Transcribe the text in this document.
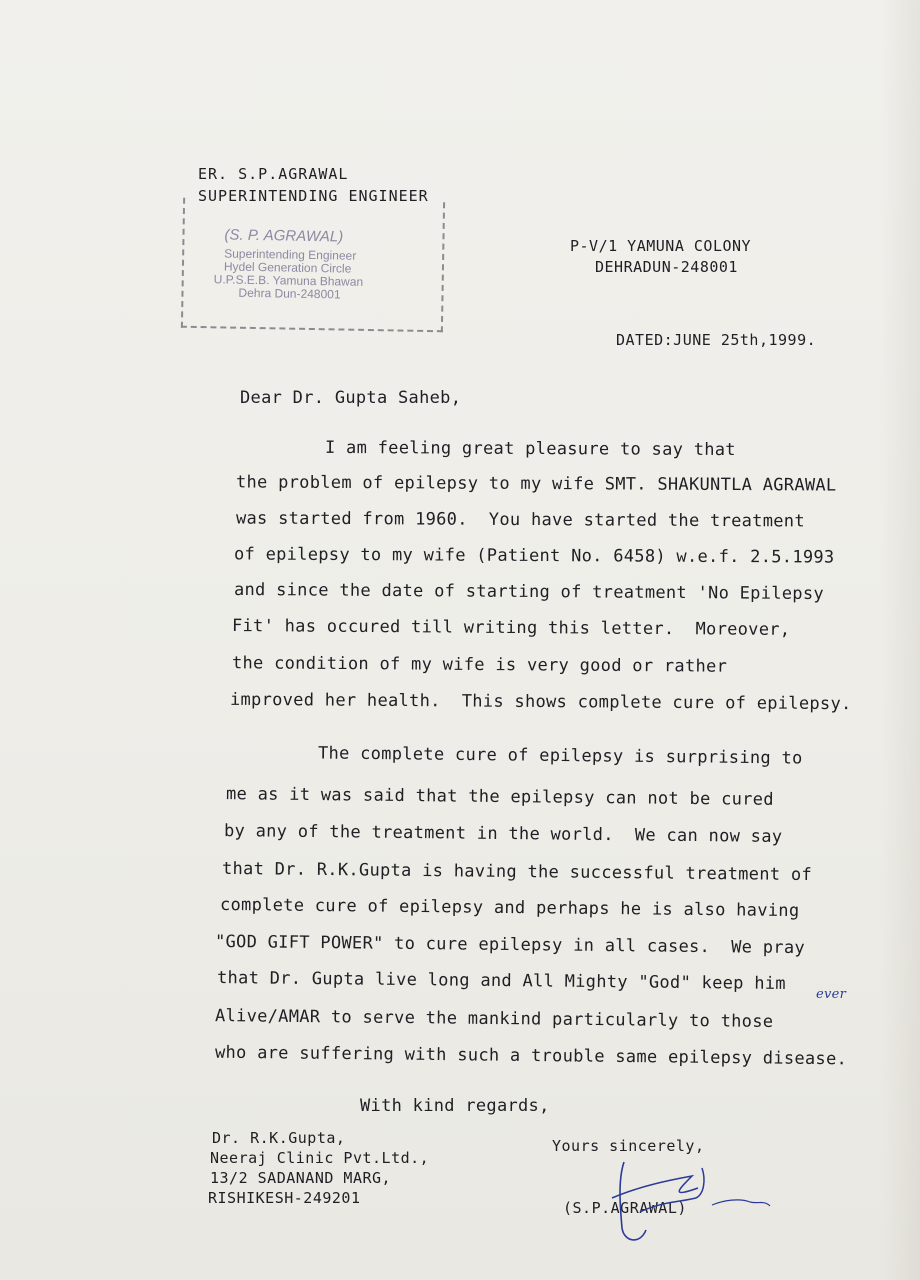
ER. S.P.AGRAWAL
SUPERINTENDING ENGINEER
(S. P. AGRAWAL)
Superintending Engineer
Hydel Generation Circle
U.P.S.E.B. Yamuna Bhawan
Dehra Dun-248001
P-V/1 YAMUNA COLONY
DEHRADUN-248001
DATED:JUNE 25th,1999.
Dear Dr. Gupta Saheb,
I am feeling great pleasure to say that
the problem of epilepsy to my wife SMT. SHAKUNTLA AGRAWAL
was started from 1960.  You have started the treatment
of epilepsy to my wife (Patient No. 6458) w.e.f. 2.5.1993
and since the date of starting of treatment 'No Epilepsy
Fit' has occured till writing this letter.  Moreover,
the condition of my wife is very good or rather
improved her health.  This shows complete cure of epilepsy.
The complete cure of epilepsy is surprising to
me as it was said that the epilepsy can not be cured
by any of the treatment in the world.  We can now say
that Dr. R.K.Gupta is having the successful treatment of
complete cure of epilepsy and perhaps he is also having
"GOD GIFT POWER" to cure epilepsy in all cases.  We pray
that Dr. Gupta live long and All Mighty "God" keep him
ever
Alive/AMAR to serve the mankind particularly to those
who are suffering with such a trouble same epilepsy disease.
With kind regards,
Dr. R.K.Gupta,
Neeraj Clinic Pvt.Ltd.,
13/2 SADANAND MARG,
RISHIKESH-249201
Yours sincerely,
(S.P.AGRAWAL)
